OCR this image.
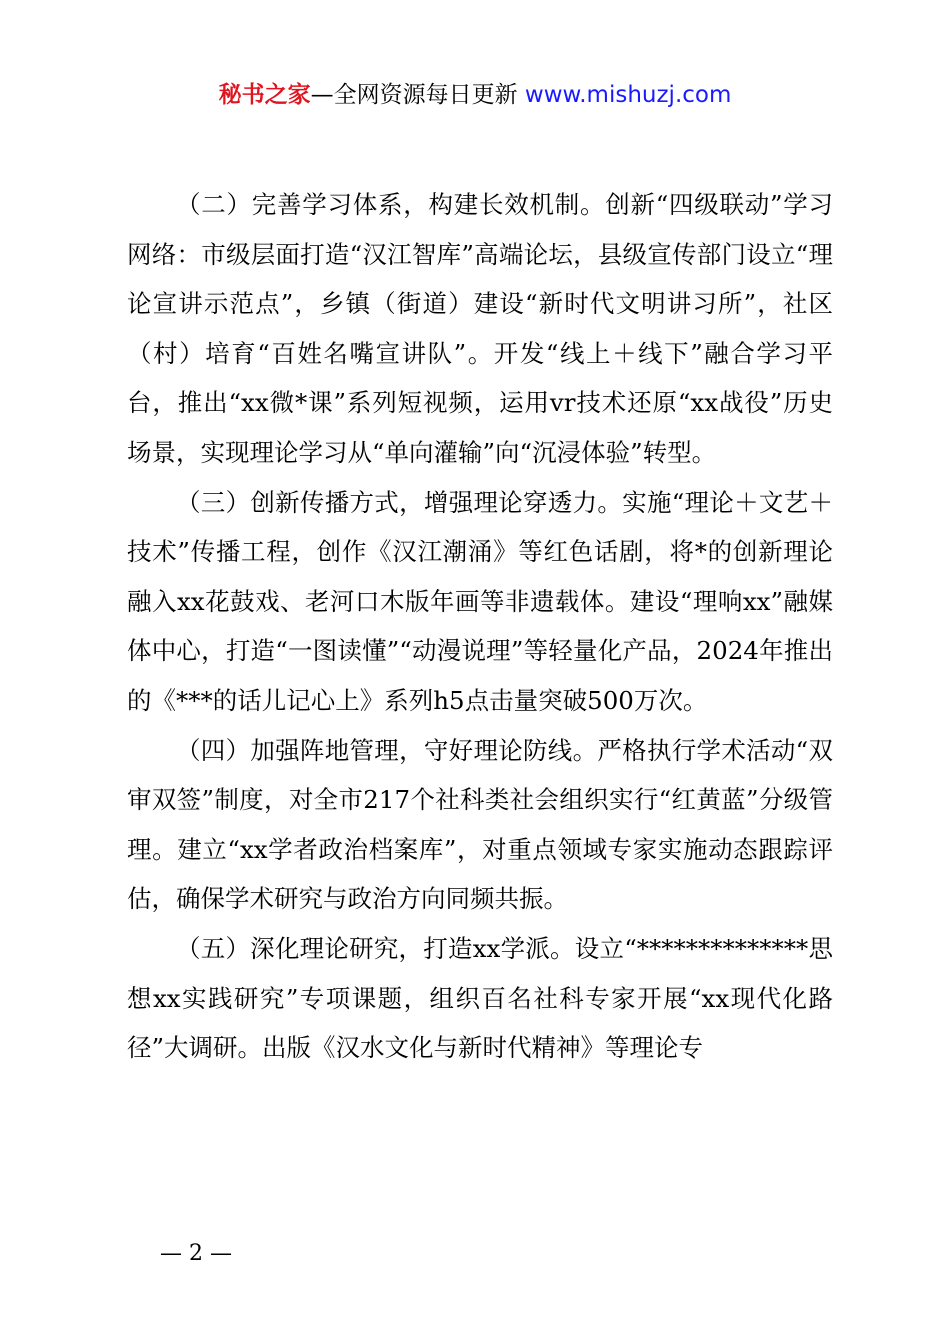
秘书之家—全网资源每日更新 www.mishuzj.com

（二）完善学习体系，构建长效机制。创新“四级联动”学习网络：市级层面打造“汉江智库”高端论坛，县级宣传部门设立“理论宣讲示范点”，乡镇（街道）建设“新时代文明讲习所”，社区（村）培育“百姓名嘴宣讲队”。开发“线上＋线下”融合学习平台，推出“xx微*课”系列短视频，运用vr技术还原“xx战役”历史场景，实现理论学习从“单向灌输”向“沉浸体验”转型。

（三）创新传播方式，增强理论穿透力。实施“理论＋文艺＋技术”传播工程，创作《汉江潮涌》等红色话剧，将*的创新理论融入xx花鼓戏、老河口木版年画等非遗载体。建设“理响xx”融媒体中心，打造“一图读懂”“动漫说理”等轻量化产品，2024年推出的《***的话儿记心上》系列h5点击量突破500万次。

（四）加强阵地管理，守好理论防线。严格执行学术活动“双审双签”制度，对全市217个社科类社会组织实行“红黄蓝”分级管理。建立“xx学者政治档案库”，对重点领域专家实施动态跟踪评估，确保学术研究与政治方向同频共振。

（五）深化理论研究，打造xx学派。设立“**************思想xx实践研究”专项课题，组织百名社科专家开展“xx现代化路径”大调研。出版《汉水文化与新时代精神》等理论专

— 2 —
